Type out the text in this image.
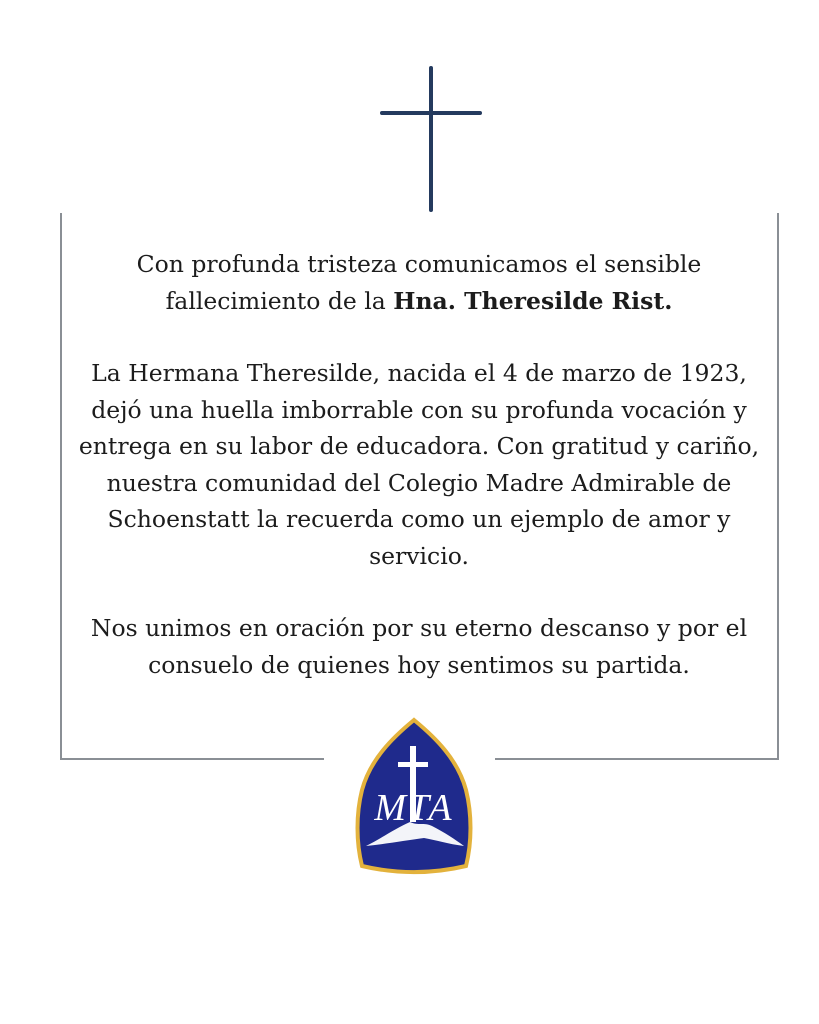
Con profunda tristeza comunicamos el sensible fallecimiento de la Hna. Theresilde Rist.

La Hermana Theresilde, nacida el 4 de marzo de 1923, dejó una huella imborrable con su profunda vocación y entrega en su labor de educadora. Con gratitud y cariño, nuestra comunidad del Colegio Madre Admirable de Schoenstatt la recuerda como un ejemplo de amor y servicio.

Nos unimos en oración por su eterno descanso y por el consuelo de quienes hoy sentimos su partida.

MTA
